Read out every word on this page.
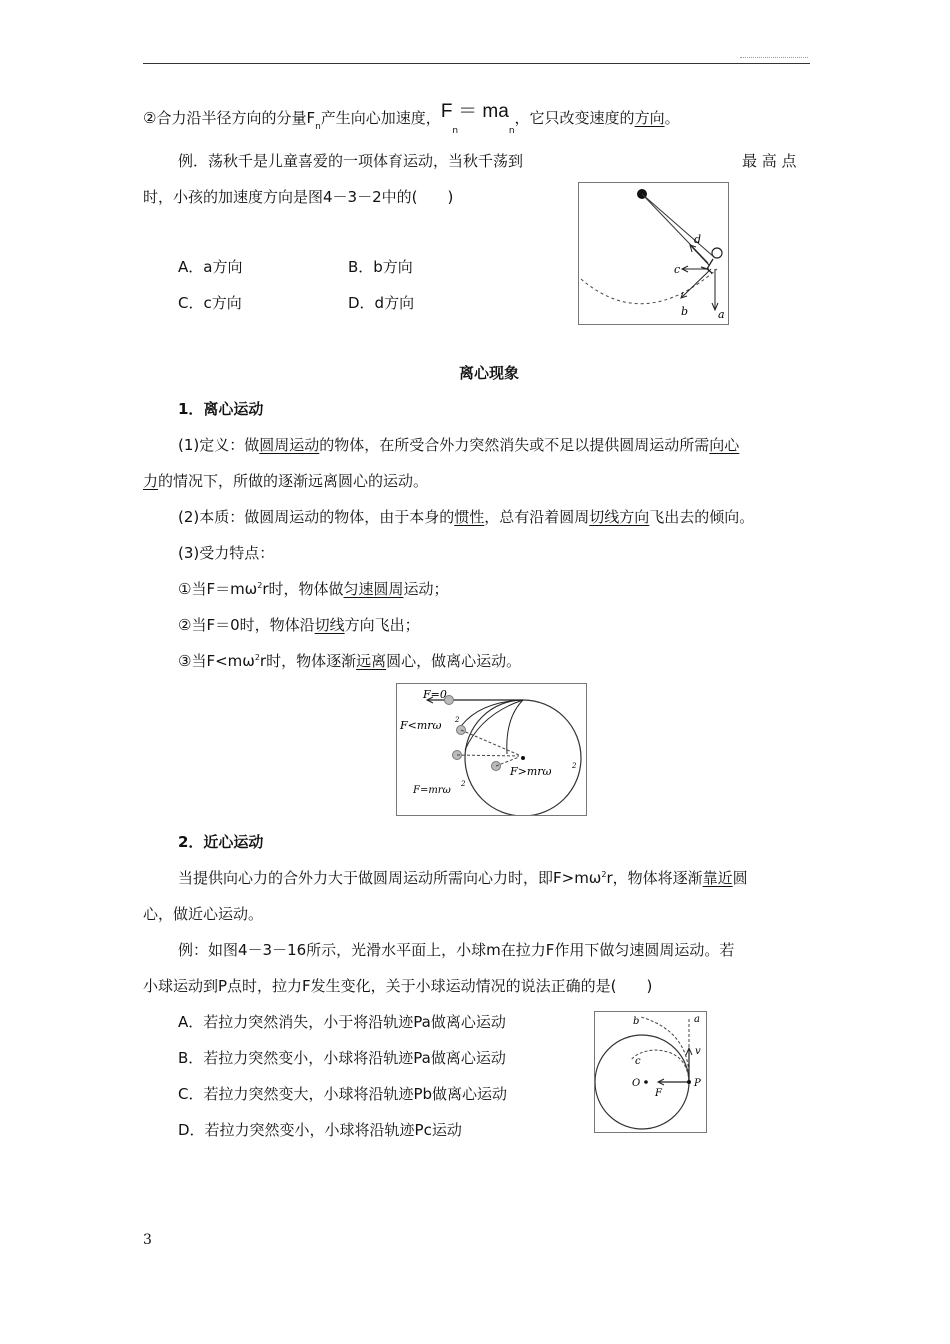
②合力沿半径方向的分量$F_n$产生向心加速度，$F_n= ma_n$，它只改变速度的方向。
例．荡秋千是儿童喜爱的一项体育运动，当秋千荡到	最 高 点
时，小孩的加速度方向是图4－3－2中的(　　)
A．a方向	B．b方向
C．c方向	D．d方向
a
b
c
d
离心现象
1．离心运动
(1)定义：做圆周运动的物体，在所受合外力突然消失或不足以提供圆周运动所需向心
力的情况下，所做的逐渐远离圆心的运动。
(2)本质：做圆周运动的物体，由于本身的惯性，总有沿着圆周切线方向飞出去的倾向。
(3)受力特点：
①当$F=m\omega^2r$时，物体做匀速圆周运动；
②当F＝0时，物体沿切线方向飞出；
③当$F<m\omega^2r$时，物体逐渐远离圆心，做离心运动。
F=0
F<mrω 2
F>mrω	2
F=mrω
2
2．近心运动
当提供向心力的合外力大于做圆周运动所需向心力时，即$F>m\omega^2r$，物体将逐渐靠近圆
心，做近心运动。
例：如图4－3－16所示，光滑水平面上，小球m在拉力F作用下做匀速圆周运动。若
小球运动到P点时，拉力F发生变化，关于小球运动情况的说法正确的是(　　)
A．若拉力突然消失，小于将沿轨迹Pa做离心运动
B．若拉力突然变小，小球将沿轨迹Pa做离心运动
C．若拉力突然变大，小球将沿轨迹Pb做离心运动
D．若拉力突然变小，小球将沿轨迹Pc运动
a
b
c
v
O	P
F
3
